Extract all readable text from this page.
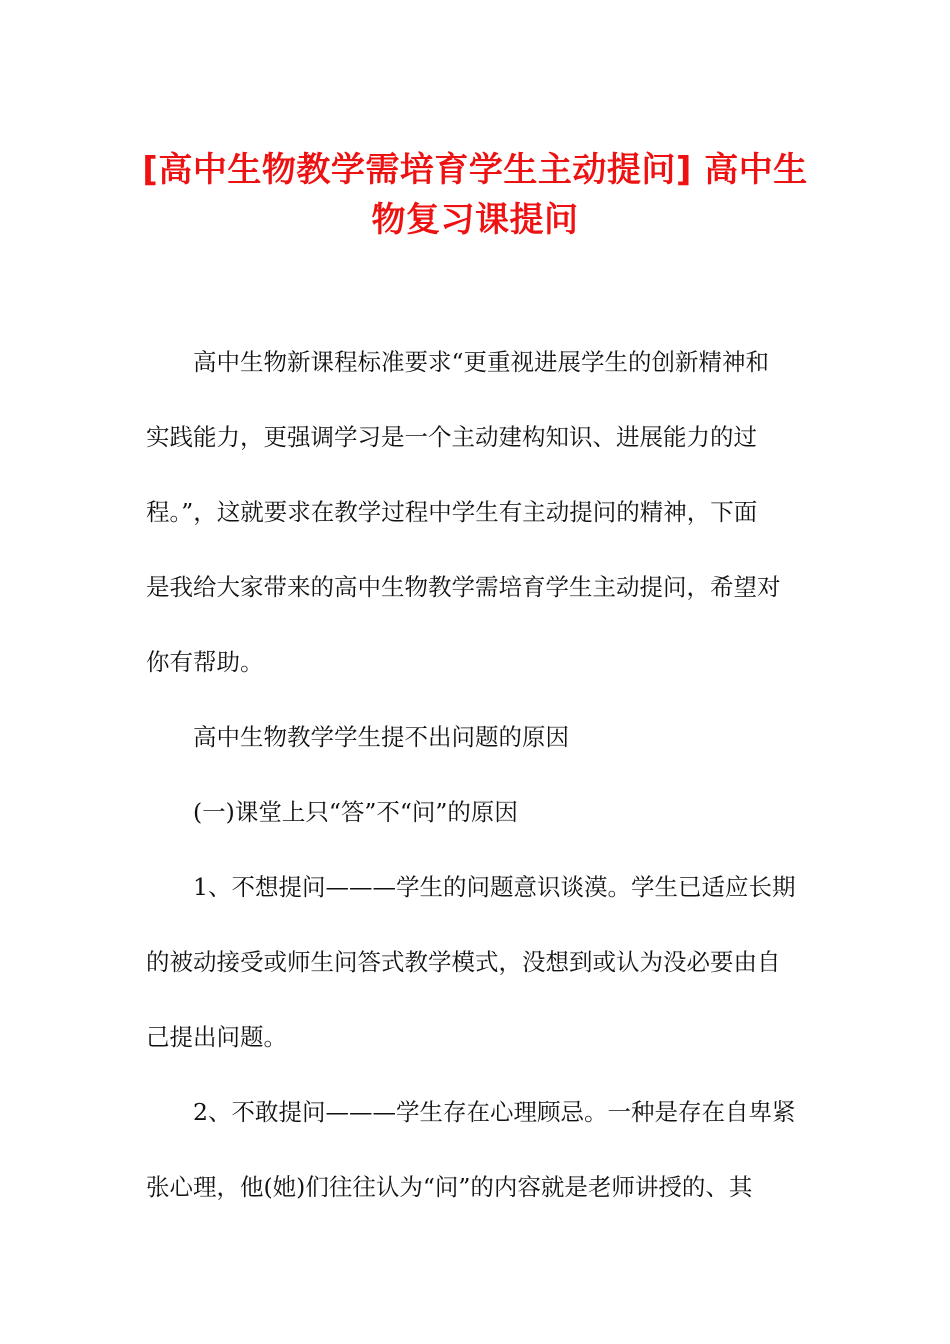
[高中生物教学需培育学生主动提问] 高中生
物复习课提问
高中生物新课程标准要求“更重视进展学生的创新精神和
实践能力，更强调学习是一个主动建构知识、进展能力的过
程。”，这就要求在教学过程中学生有主动提问的精神，下面
是我给大家带来的高中生物教学需培育学生主动提问，希望对
你有帮助。
高中生物教学学生提不出问题的原因
(一)课堂上只“答”不“问”的原因
1、不想提问———学生的问题意识谈漠。学生已适应长期
的被动接受或师生问答式教学模式，没想到或认为没必要由自
己提出问题。
2、不敢提问———学生存在心理顾忌。一种是存在自卑紧
张心理，他(她)们往往认为“问”的内容就是老师讲授的、其
